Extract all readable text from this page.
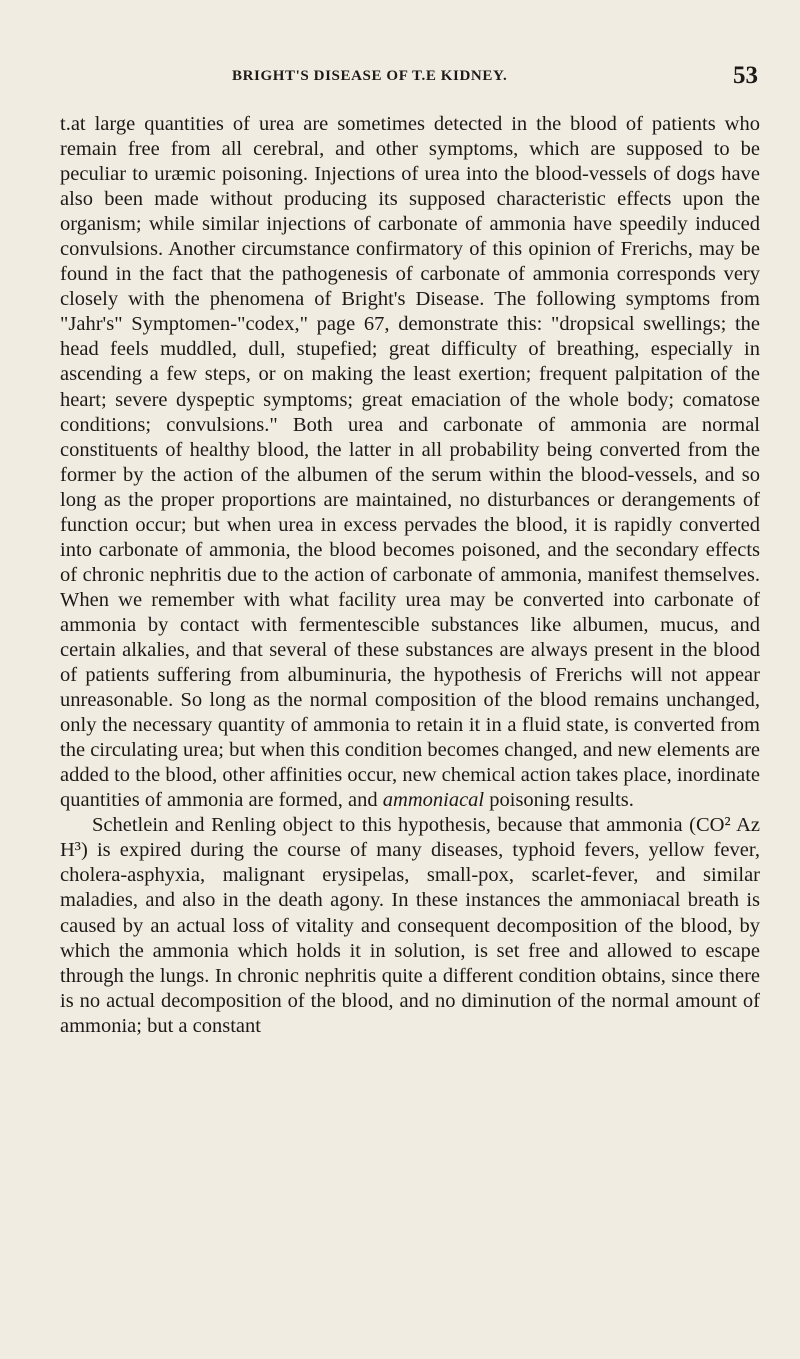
BRIGHT'S DISEASE OF T.E KIDNEY.	53

t.at large quantities of urea are sometimes detected in the blood of patients who remain free from all cerebral, and other symptoms, which are supposed to be peculiar to uræmic poisoning. Injections of urea into the blood-vessels of dogs have also been made without producing its supposed characteristic effects upon the organism; while similar injections of carbonate of ammonia have speedily induced convulsions. Another circumstance confirmatory of this opinion of Frerichs, may be found in the fact that the pathogenesis of carbonate of ammonia corresponds very closely with the phenomena of Bright's Disease. The following symptoms from "Jahr's" Symptomen-"codex," page 67, demonstrate this: "dropsical swellings; the head feels muddled, dull, stupefied; great difficulty of breathing, especially in ascending a few steps, or on making the least exertion; frequent palpitation of the heart; severe dyspeptic symptoms; great emaciation of the whole body; comatose conditions; convulsions." Both urea and carbonate of ammonia are normal constituents of healthy blood, the latter in all probability being converted from the former by the action of the albumen of the serum within the blood-vessels, and so long as the proper proportions are maintained, no disturbances or derangements of function occur; but when urea in excess pervades the blood, it is rapidly converted into carbonate of ammonia, the blood becomes poisoned, and the secondary effects of chronic nephritis due to the action of carbonate of ammonia, manifest themselves. When we remember with what facility urea may be converted into carbonate of ammonia by contact with fermentescible substances like albumen, mucus, and certain alkalies, and that several of these substances are always present in the blood of patients suffering from albuminuria, the hypothesis of Frerichs will not appear unreasonable. So long as the normal composition of the blood remains unchanged, only the necessary quantity of ammonia to retain it in a fluid state, is converted from the circulating urea; but when this condition becomes changed, and new elements are added to the blood, other affinities occur, new chemical action takes place, inordinate quantities of ammonia are formed, and ammoniacal poisoning results.

Schetlein and Renling object to this hypothesis, because that ammonia (CO² Az H³) is expired during the course of many diseases, typhoid fevers, yellow fever, cholera-asphyxia, malignant erysipelas, small-pox, scarlet-fever, and similar maladies, and also in the death agony. In these instances the ammoniacal breath is caused by an actual loss of vitality and consequent decomposition of the blood, by which the ammonia which holds it in solution, is set free and allowed to escape through the lungs. In chronic nephritis quite a different condition obtains, since there is no actual decomposition of the blood, and no diminution of the normal amount of ammonia; but a constant
